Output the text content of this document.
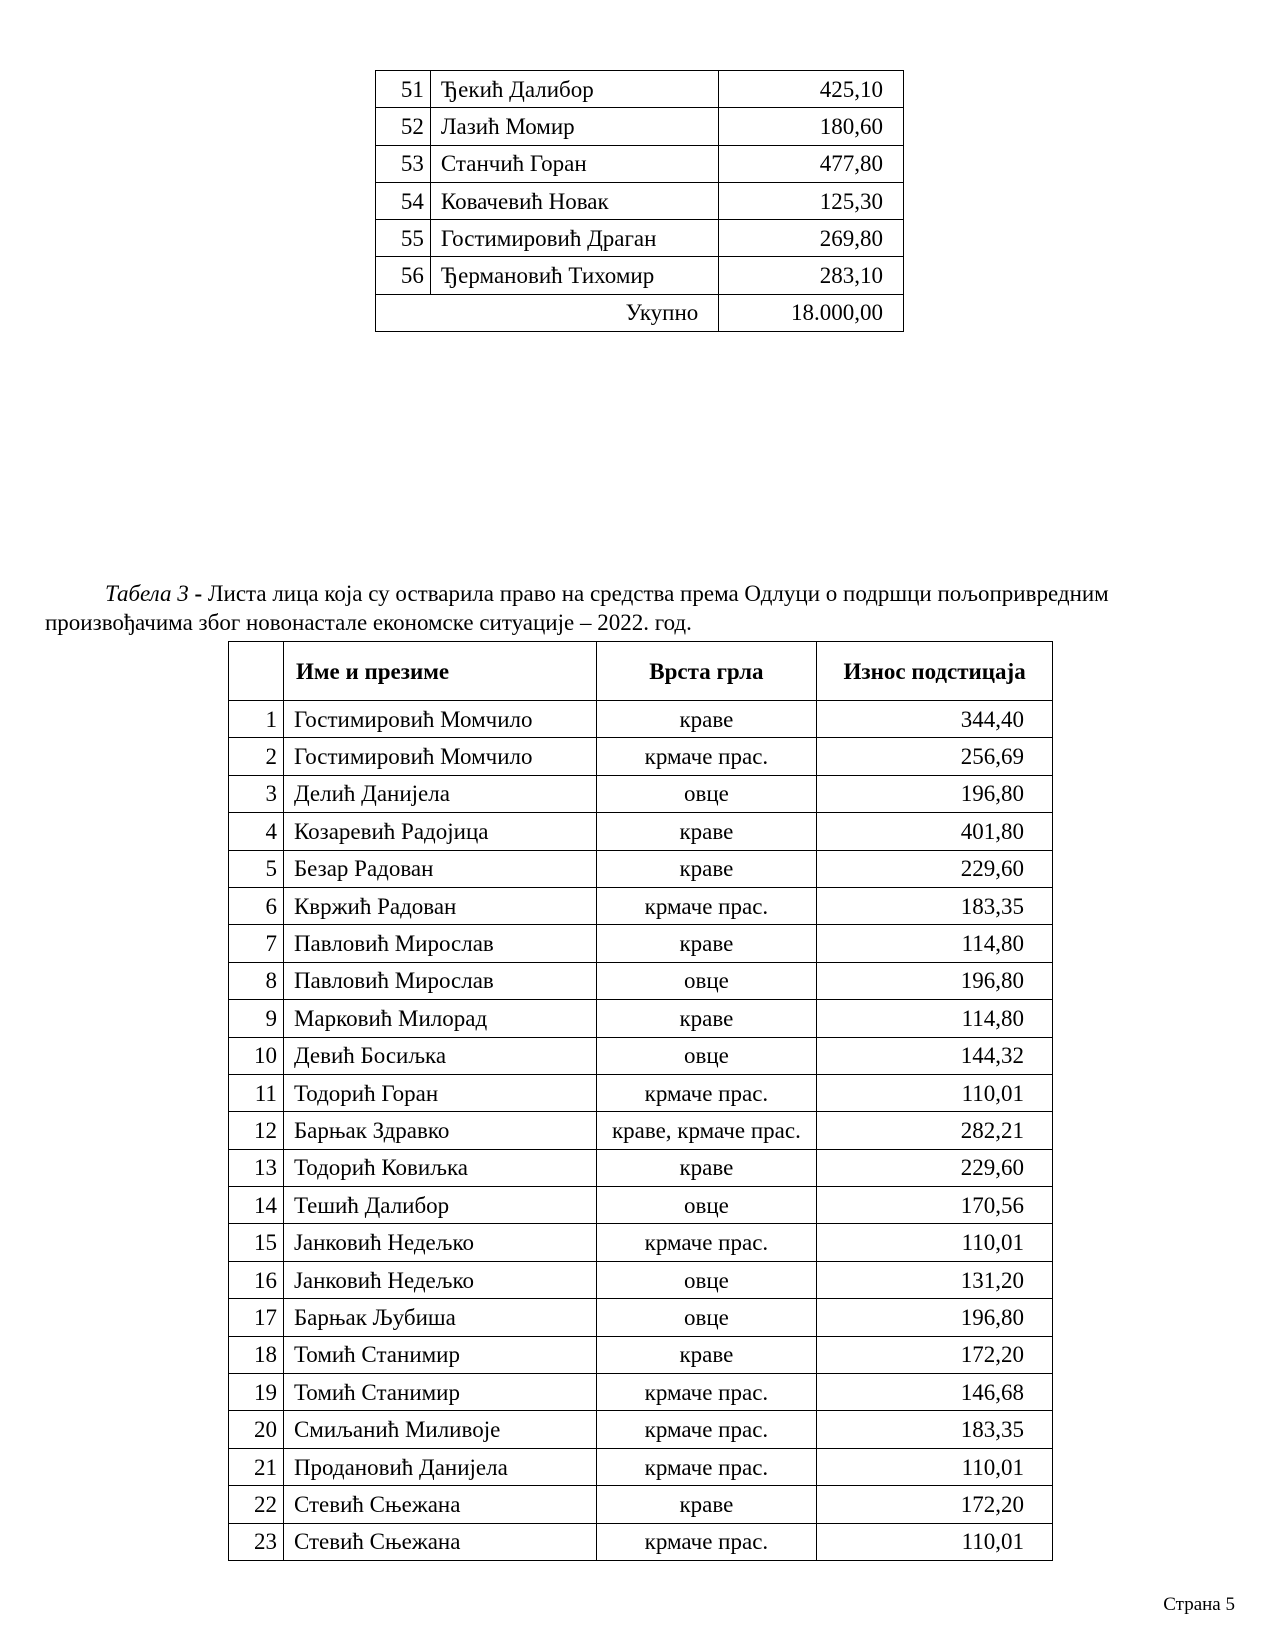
51	Ђекић Далибор	425,10
52	Лазић Момир	180,60
53	Станчић Горан	477,80
54	Ковачевић Новак	125,30
55	Гостимировић Драган	269,80
56	Ђермановић Тихомир	283,10
Укупно		18.000,00

Табела 3 - Листа лица која су остварила право на средства према Одлуци о подршци пољопривредним произвођачима због новонастале економске ситуације – 2022. год.

	Име и презиме	Врста грла	Износ подстицаја
1	Гостимировић Момчило	краве	344,40
2	Гостимировић Момчило	крмаче прас.	256,69
3	Делић Данијела	овце	196,80
4	Козаревић Радојица	краве	401,80
5	Безар Радован	краве	229,60
6	Квржић Радован	крмаче прас.	183,35
7	Павловић Мирослав	краве	114,80
8	Павловић Мирослав	овце	196,80
9	Марковић Милорад	краве	114,80
10	Девић Босиљка	овце	144,32
11	Тодорић Горан	крмаче прас.	110,01
12	Барњак Здравко	краве, крмаче прас.	282,21
13	Тодорић Ковиљка	краве	229,60
14	Тешић Далибор	овце	170,56
15	Јанковић Недељко	крмаче прас.	110,01
16	Јанковић Недељко	овце	131,20
17	Барњак Љубиша	овце	196,80
18	Томић Станимир	краве	172,20
19	Томић Станимир	крмаче прас.	146,68
20	Смиљанић Миливоје	крмаче прас.	183,35
21	Продановић Данијела	крмаче прас.	110,01
22	Стевић Сњежана	краве	172,20
23	Стевић Сњежана	крмаче прас.	110,01
Страна 5
